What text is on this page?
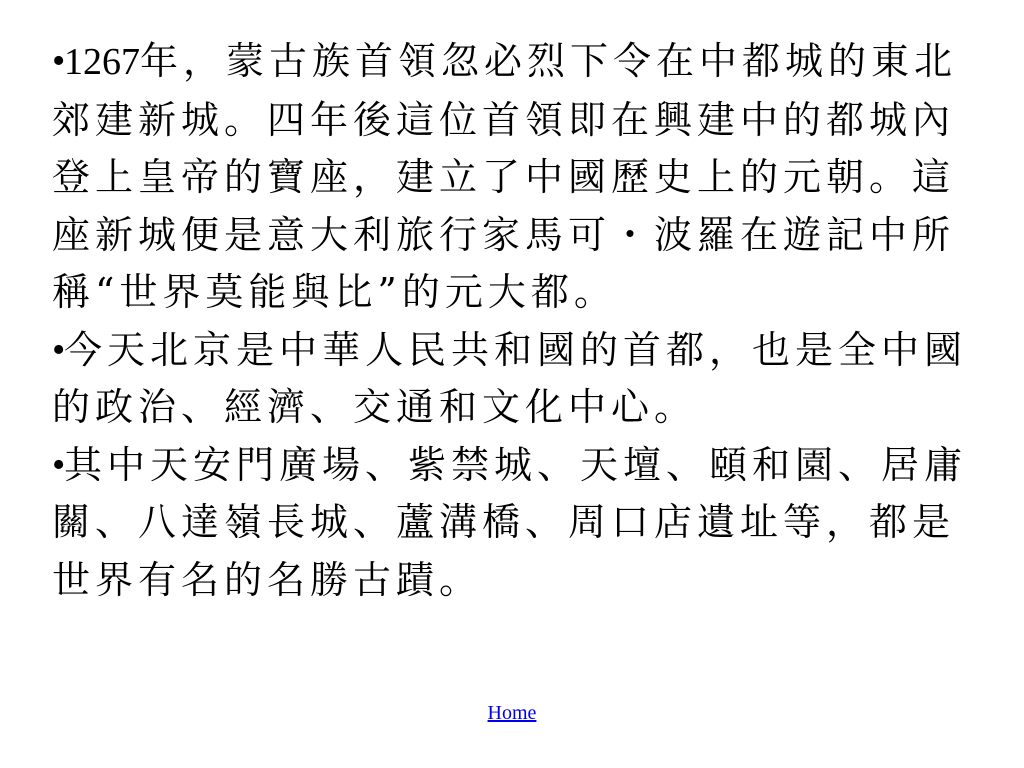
•
1267年，蒙古族首領忽必烈下令在中都城的東北郊建新城。四年後這位首領即在興建中的都城內登上皇帝的寶座，建立了中國歷史上的元朝。這座新城便是意大利旅行家馬可・波羅在遊記中所稱“世界莫能與比”的元大都。
•
今天北京是中華人民共和國的首都，也是全中國的政治、經濟、交通和文化中心。
•
其中天安門廣場、紫禁城、天壇、頤和園、居庸關、八達嶺長城、蘆溝橋、周口店遺址等，都是世界有名的名勝古蹟。
Home
